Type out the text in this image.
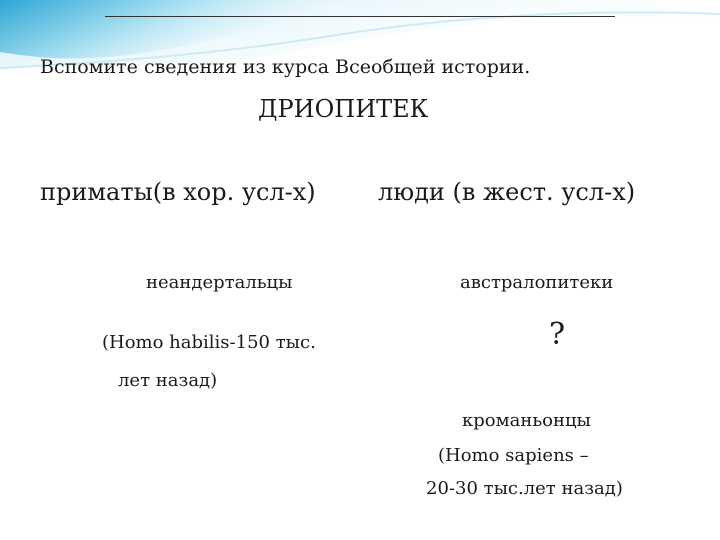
Вспомите сведения из курса Всеобщей истории.
ДРИОПИТЕК
приматы(в хор. усл-х)	люди (в жест. усл-х)
неандертальцы
(Homo habilis-150 тыс.
лет назад)
австралопитеки
?
кроманьонцы
(Homo sapiens –
20-30 тыс.лет назад)
